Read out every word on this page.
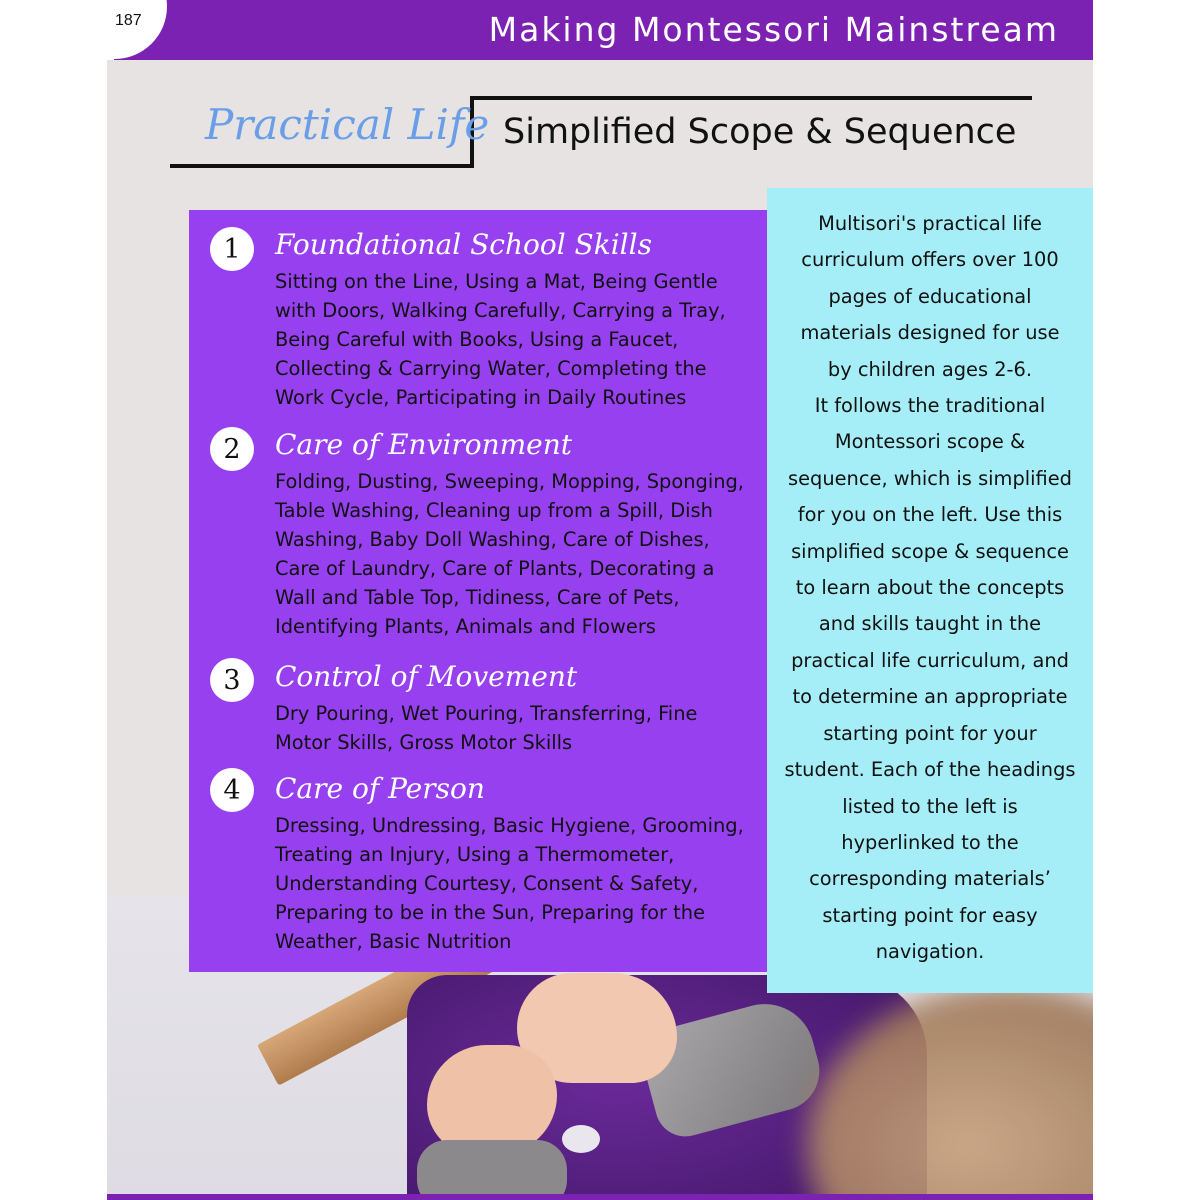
Making Montessori Mainstream
Practical Life Simplified Scope & Sequence
187
1	Foundational School Skills
Sitting on the Line, Using a Mat, Being Gentle
with Doors, Walking Carefully, Carrying a Tray,
Being Careful with Books, Using a Faucet,
Collecting & Carrying Water, Completing the
Work Cycle, Participating in Daily Routines
2	Care of Environment
Folding, Dusting, Sweeping, Mopping, Sponging,
Table Washing, Cleaning up from a Spill, Dish
Washing, Baby Doll Washing, Care of Dishes,
Care of Laundry, Care of Plants, Decorating a
Wall and Table Top, Tidiness, Care of Pets,
Identifying Plants, Animals and Flowers
3	Control of Movement
Dry Pouring, Wet Pouring, Transferring, Fine
Motor Skills, Gross Motor Skills
4	Care of Person
Dressing, Undressing, Basic Hygiene, Grooming,
Treating an Injury, Using a Thermometer,
Understanding Courtesy, Consent & Safety,
Preparing to be in the Sun, Preparing for the
Weather, Basic Nutrition
Multisori's practical life
curriculum offers over 100
pages of educational
materials designed for use
by children ages 2-6.
It follows the traditional
Montessori scope &
sequence, which is simplified
for you on the left. Use this
simplified scope & sequence
to learn about the concepts
and skills taught in the
practical life curriculum, and
to determine an appropriate
starting point for your
student. Each of the headings
listed to the left is
hyperlinked to the
corresponding materials’
starting point for easy
navigation.
